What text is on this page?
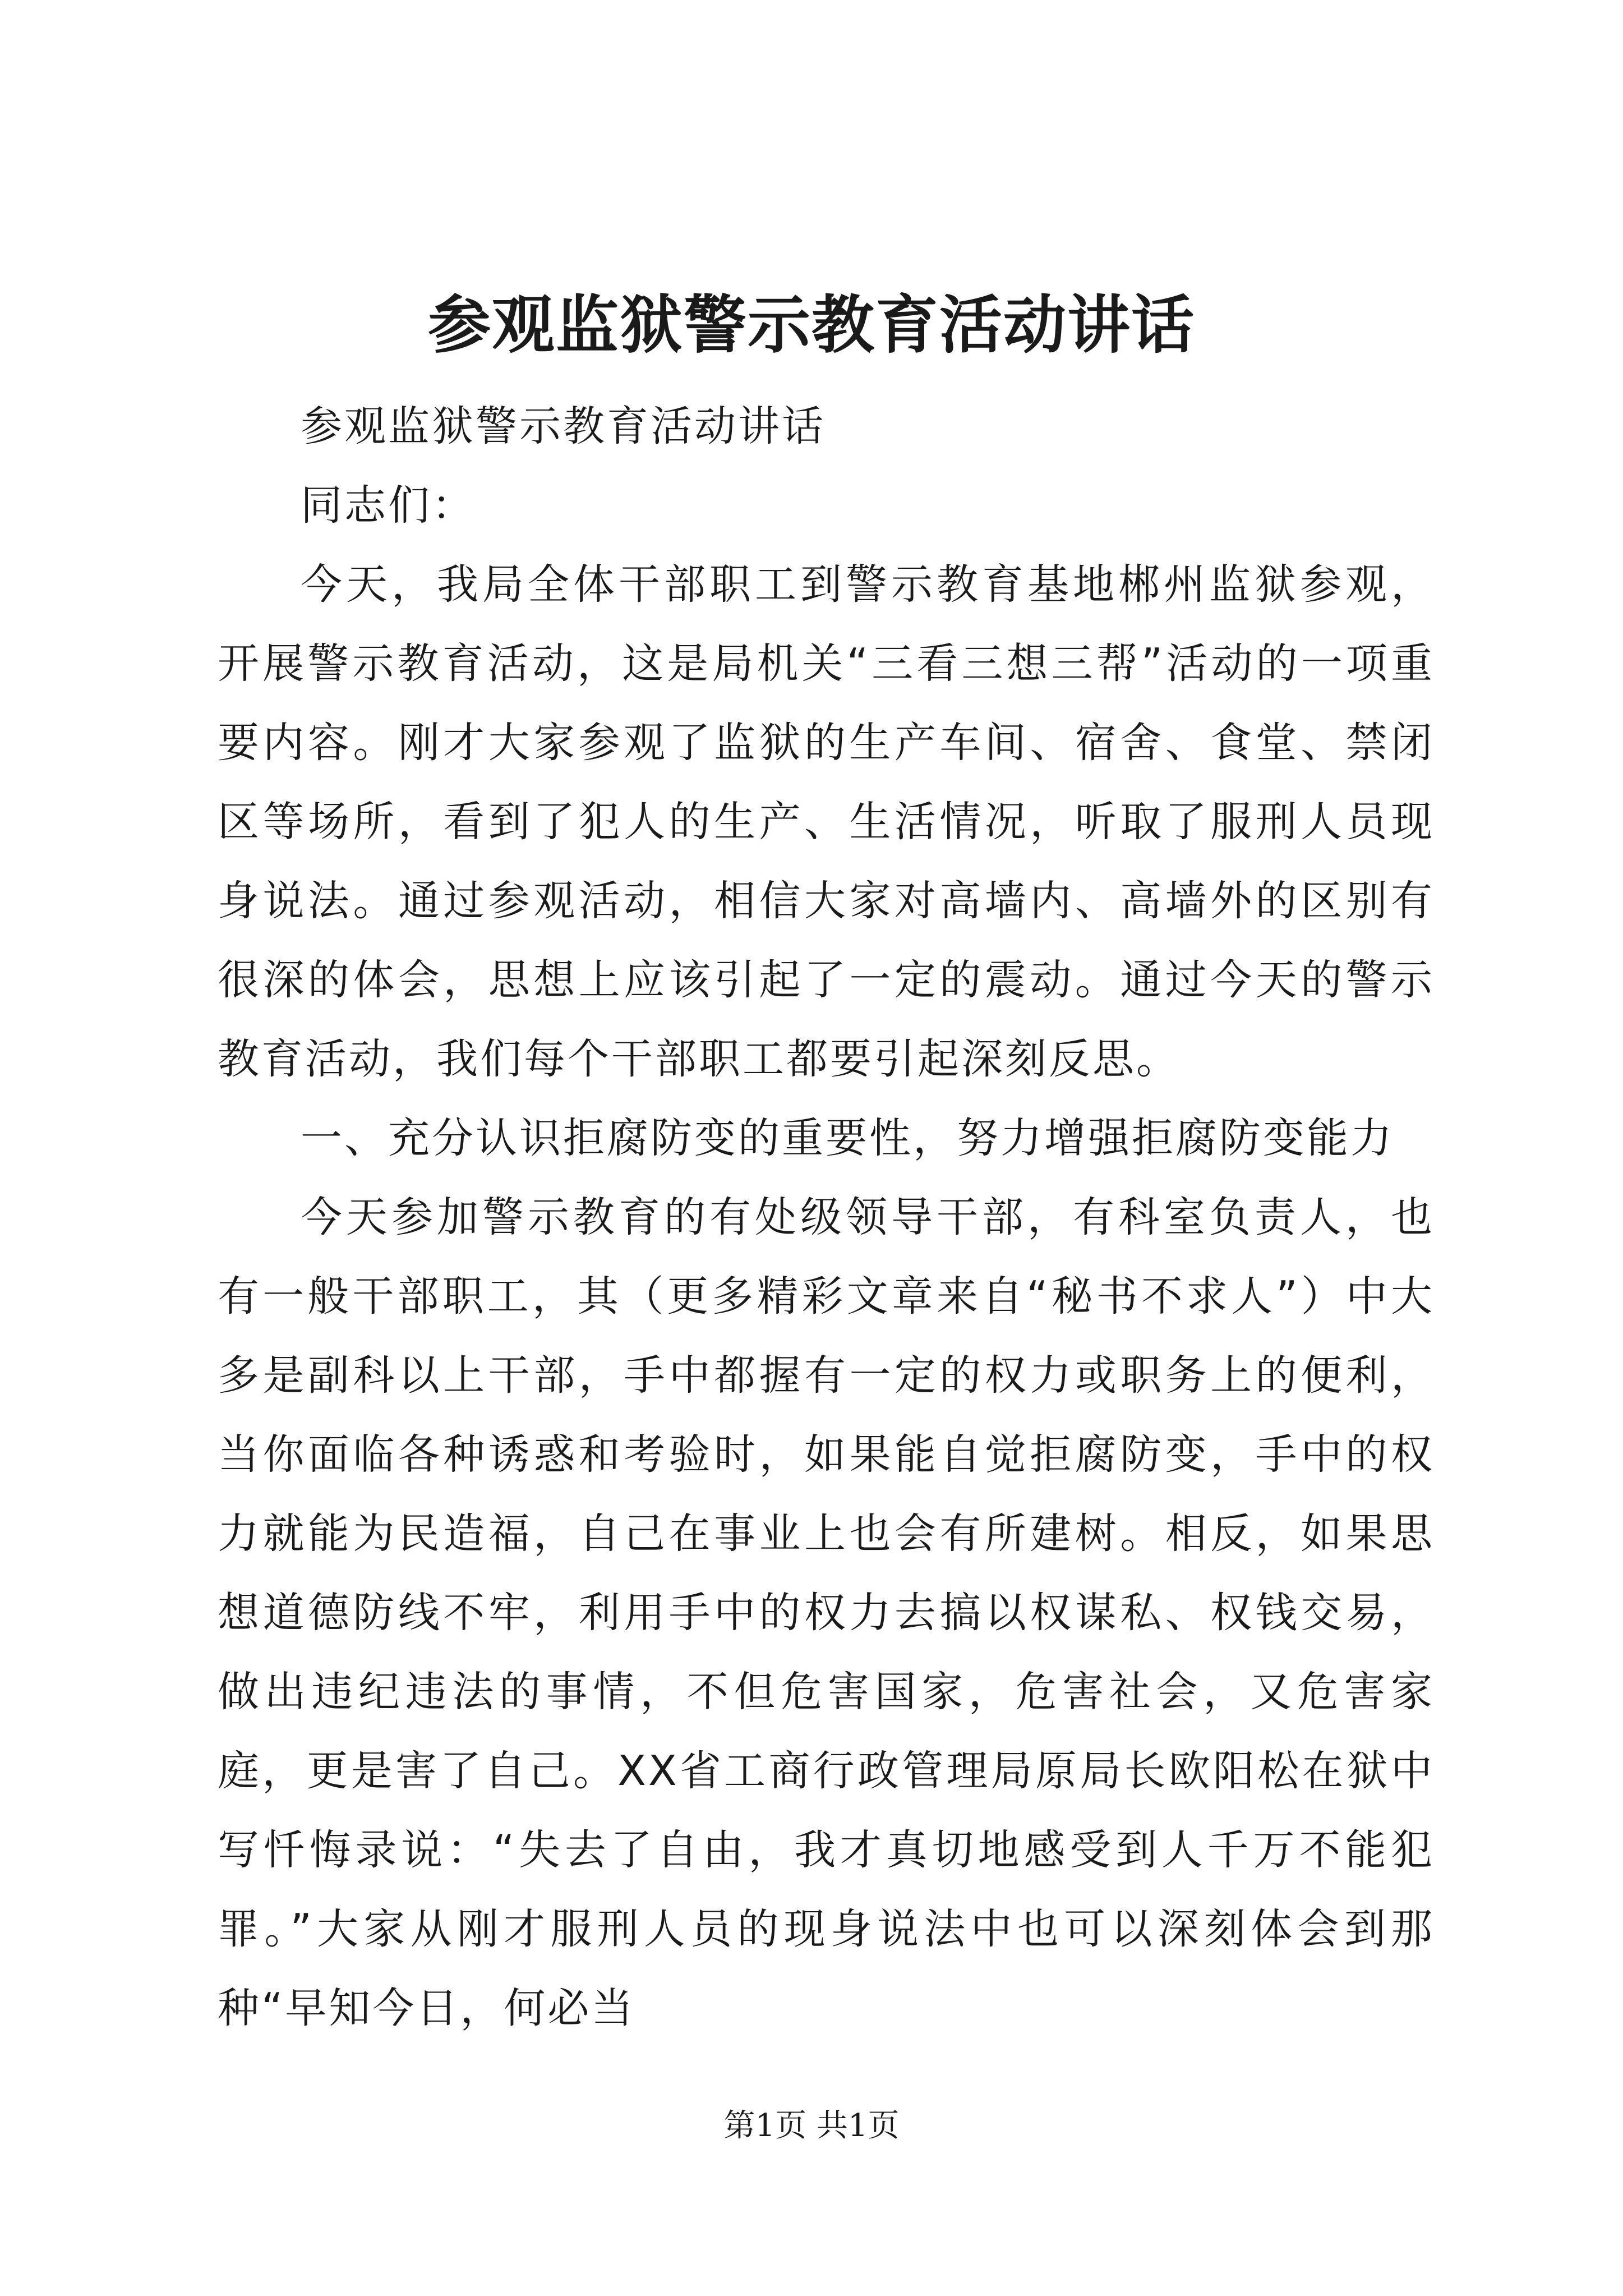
参观监狱警示教育活动讲话

参观监狱警示教育活动讲话

同志们：

今天，我局全体干部职工到警示教育基地郴州监狱参观，开展警示教育活动，这是局机关“三看三想三帮”活动的一项重要内容。刚才大家参观了监狱的生产车间、宿舍、食堂、禁闭区等场所，看到了犯人的生产、生活情况，听取了服刑人员现身说法。通过参观活动，相信大家对高墙内、高墙外的区别有很深的体会，思想上应该引起了一定的震动。通过今天的警示教育活动，我们每个干部职工都要引起深刻反思。

一、充分认识拒腐防变的重要性，努力增强拒腐防变能力

今天参加警示教育的有处级领导干部，有科室负责人，也有一般干部职工，其（更多精彩文章来自“秘书不求人”）中大多是副科以上干部，手中都握有一定的权力或职务上的便利，当你面临各种诱惑和考验时，如果能自觉拒腐防变，手中的权力就能为民造福，自己在事业上也会有所建树。相反，如果思想道德防线不牢，利用手中的权力去搞以权谋私、权钱交易，做出违纪违法的事情，不但危害国家，危害社会，又危害家庭，更是害了自己。XX省工商行政管理局原局长欧阳松在狱中写忏悔录说：“失去了自由，我才真切地感受到人千万不能犯罪。”大家从刚才服刑人员的现身说法中也可以深刻体会到那种“早知今日，何必当

第1页 共1页
